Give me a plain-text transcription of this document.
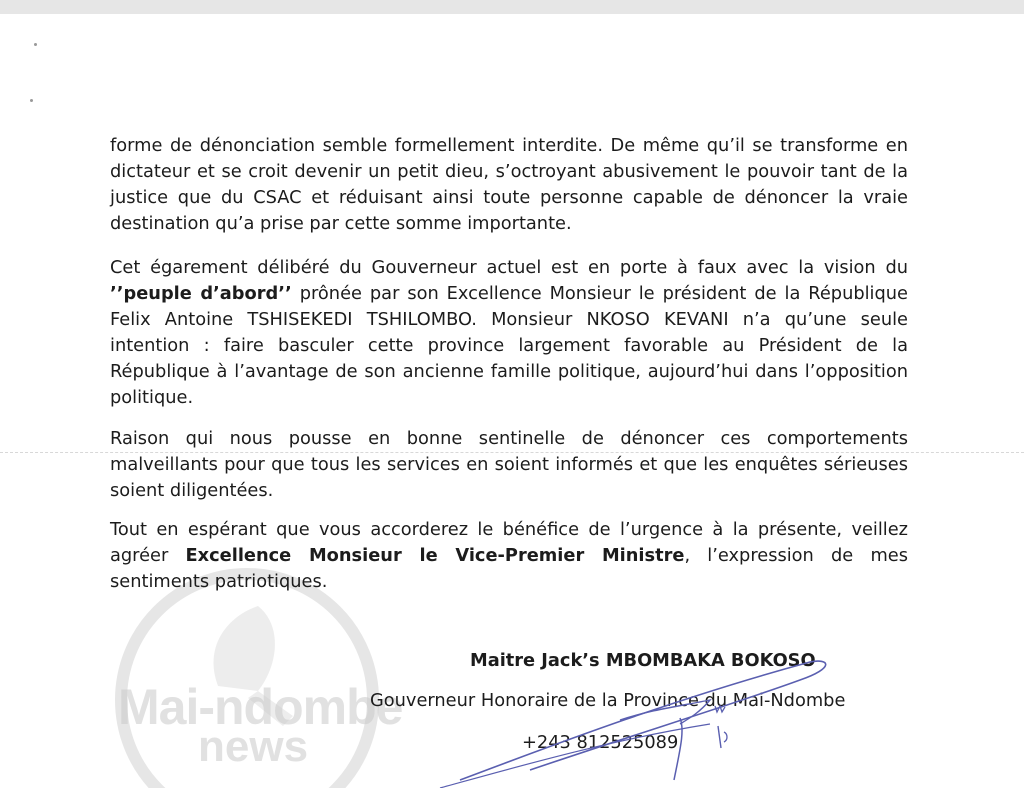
Mai-ndombe
news

forme de dénonciation semble formellement interdite. De même qu’il se transforme en dictateur et se croit devenir un petit dieu, s’octroyant abusivement le pouvoir tant de la justice que du CSAC et réduisant ainsi toute personne capable de dénoncer la vraie destination qu’a prise par cette somme importante.

Cet égarement délibéré du Gouverneur actuel est en porte à faux avec la vision du ’’peuple d’abord’’ prônée par son Excellence Monsieur le président de la République Felix Antoine TSHISEKEDI TSHILOMBO. Monsieur NKOSO KEVANI n’a qu’une seule intention : faire basculer cette province largement favorable au Président de la République à l’avantage de son ancienne famille politique, aujourd’hui dans l’opposition politique.

Raison qui nous pousse en bonne sentinelle de dénoncer ces comportements malveillants pour que tous les services en soient informés et que les enquêtes sérieuses soient diligentées.

Tout en espérant que vous accorderez le bénéfice de l’urgence à la présente, veillez agréer Excellence Monsieur le Vice-Premier Ministre, l’expression de mes sentiments patriotiques.

Maitre Jack’s MBOMBAKA BOKOSO
Gouverneur Honoraire de la Province du Mai-Ndombe
+243 812525089
